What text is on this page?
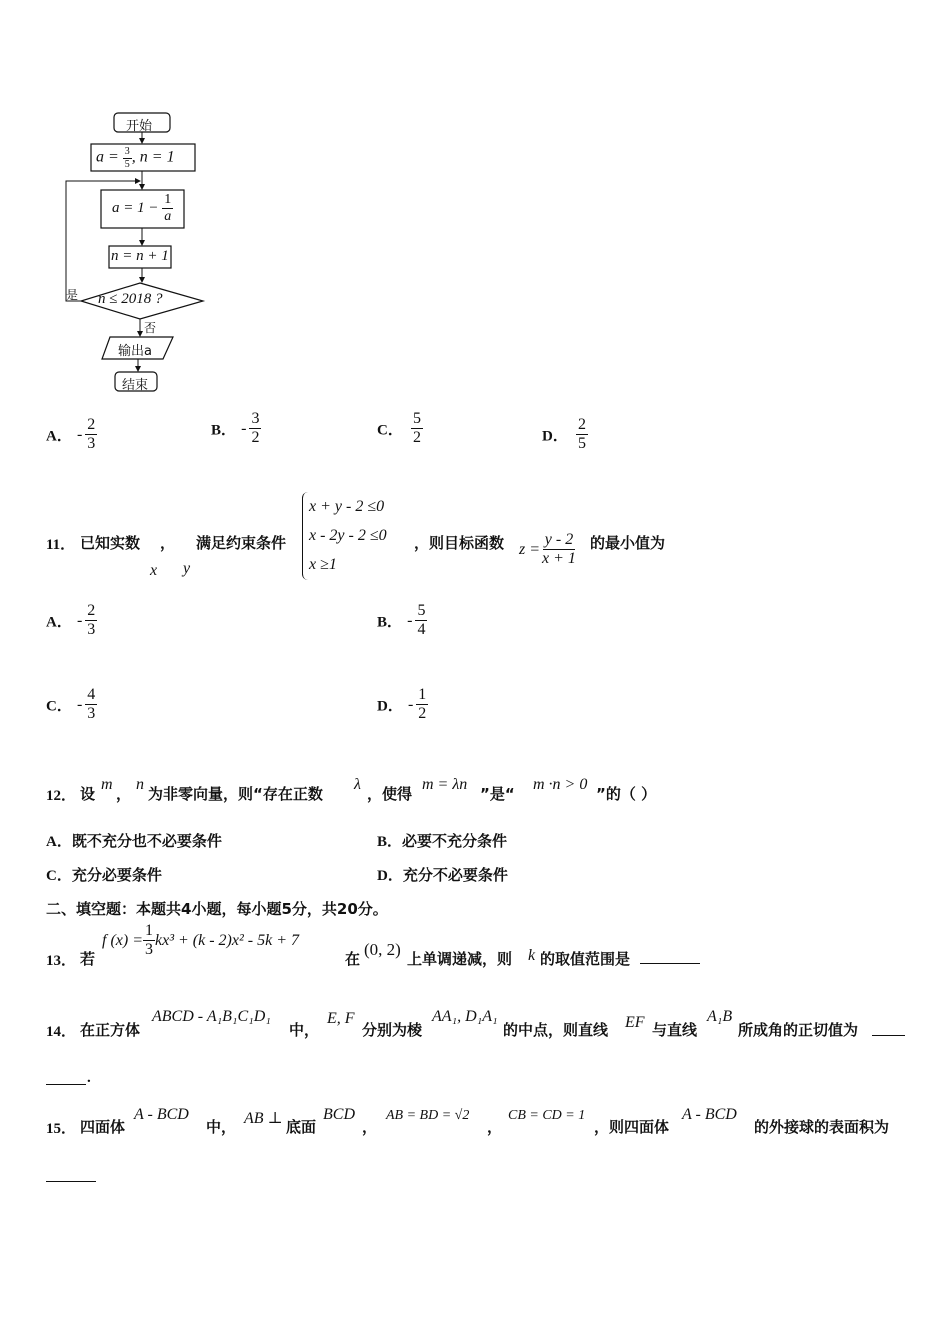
开始
$a = \frac{3}{5}$ , n = 1
$a = 1 - \frac{1}{a}$
n = n + 1
n ≤ 2018 ?
是
否
输出a
结束
A． - $\frac{2}{3}$	B． - $\frac{3}{2}$	C． $\frac{5}{2}$	D． $\frac{2}{5}$
11． 已知实数 ， 满足约束条件
x y
x + y - 2 ≤0
x - 2y - 2 ≤0
x ≥1
，则目标函数 $z = \frac{y - 2}{x + 1}$ 的最小值为
A． - $\frac{2}{3}$	B． - $\frac{5}{4}$
C． - $\frac{4}{3}$	D． - $\frac{1}{2}$
12． 设
m
，
n
为非零向量，则“存在正数
λ
，使得
m = λn
”是“
m ·n > 0
”的（ ）
A．既不充分也不必要条件	B．必要不充分条件
C．充分必要条件	D．充分不必要条件
二、填空题：本题共4小题，每小题5分，共20分。
13． 若
f $(x) = \frac{1}{3} kx^3 + (k - 2)x^2 - 5k + 7$
在 (0, 2) 上单调递减，则 k 的取值范围是
14． 在正方体
ABCD - A₁B₁C₁D₁
中，
E, F
分别为棱
AA₁, D₁A₁
的中点，则直线 EF 与直线
A₁B
所成角的正切值为
.
15． 四面体
A - BCD
中， AB ⊥ 底面
BCD
，
AB = BD = √2
，
CB = CD = 1
，则四面体
A - BCD
的外接球的表面积为
